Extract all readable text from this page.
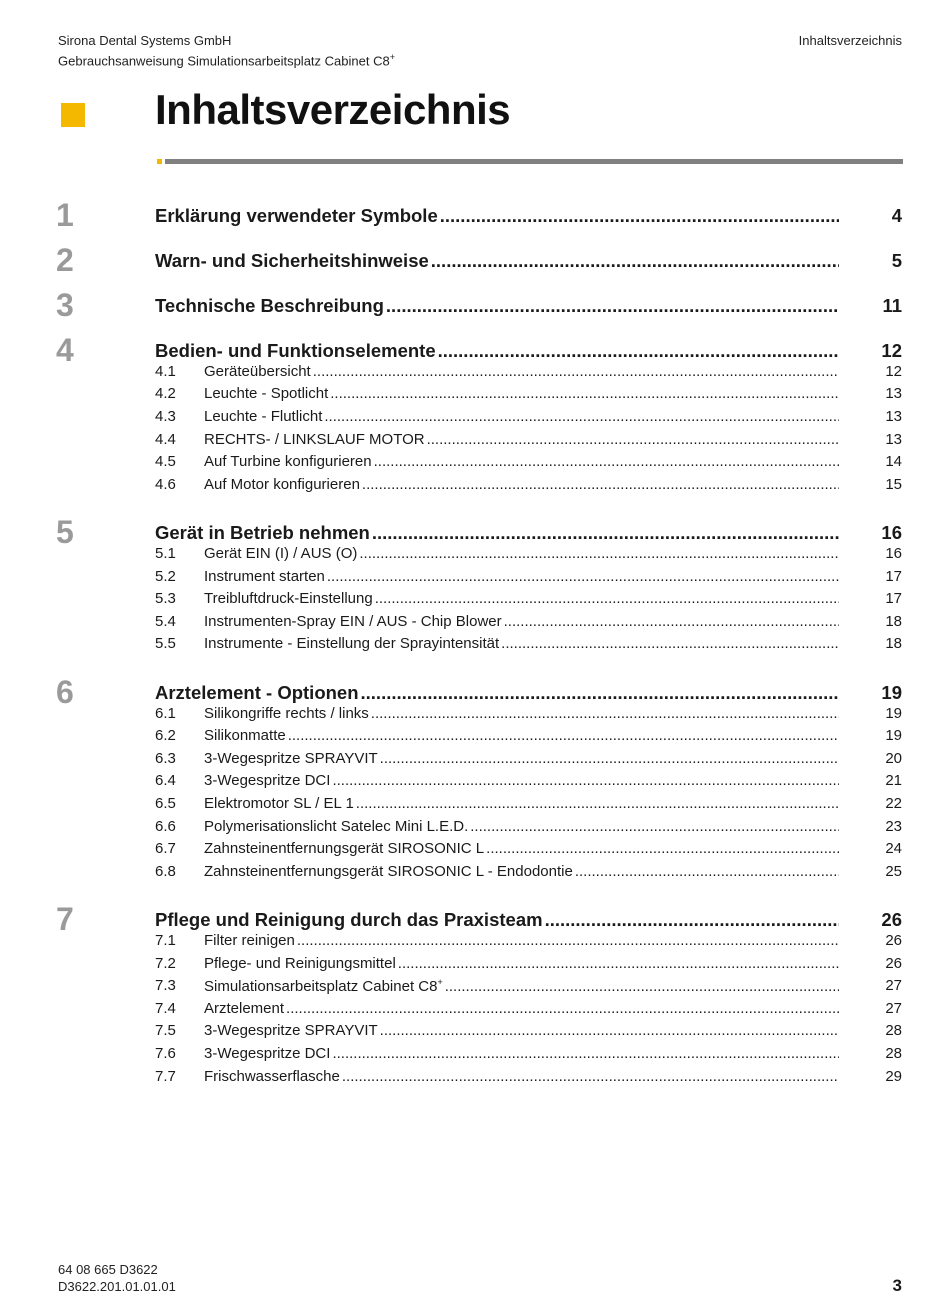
Sirona Dental Systems GmbH
Gebrauchsanweisung Simulationsarbeitsplatz Cabinet C8+
Inhaltsverzeichnis
Inhaltsverzeichnis
1	Erklärung verwendeter Symbole .....	4
2	Warn- und Sicherheitshinweise .....	5
3	Technische Beschreibung .....	11
4	Bedien- und Funktionselemente .....	12
4.1 Geräteübersicht .....	12
4.2 Leuchte - Spotlicht .....	13
4.3 Leuchte - Flutlicht .....	13
4.4 RECHTS- / LINKSLAUF MOTOR .....	13
4.5 Auf Turbine konfigurieren .....	14
4.6 Auf Motor konfigurieren .....	15
5	Gerät in Betrieb nehmen .....	16
5.1 Gerät EIN (I) / AUS (O) .....	16
5.2 Instrument starten .....	17
5.3 Treibluftdruck-Einstellung .....	17
5.4 Instrumenten-Spray EIN / AUS - Chip Blower .....	18
5.5 Instrumente - Einstellung der Sprayintensität .....	18
6	Arztelement - Optionen .....	19
6.1 Silikongriffe rechts / links .....	19
6.2 Silikonmatte .....	19
6.3 3-Wegespritze SPRAYVIT .....	20
6.4 3-Wegespritze DCI .....	21
6.5 Elektromotor SL / EL 1 .....	22
6.6 Polymerisationslicht Satelec Mini L.E.D. .....	23
6.7 Zahnsteinentfernungsgerät SIROSONIC L .....	24
6.8 Zahnsteinentfernungsgerät SIROSONIC L - Endodontie .....	25
7	Pflege und Reinigung durch das Praxisteam .....	26
7.1 Filter reinigen .....	26
7.2 Pflege- und Reinigungsmittel .....	26
7.3 Simulationsarbeitsplatz Cabinet C8+ .....	27
7.4 Arztelement .....	27
7.5 3-Wegespritze SPRAYVIT .....	28
7.6 3-Wegespritze DCI .....	28
7.7 Frischwasserflasche .....	29
64 08 665 D3622
D3622.201.01.01.01	3
